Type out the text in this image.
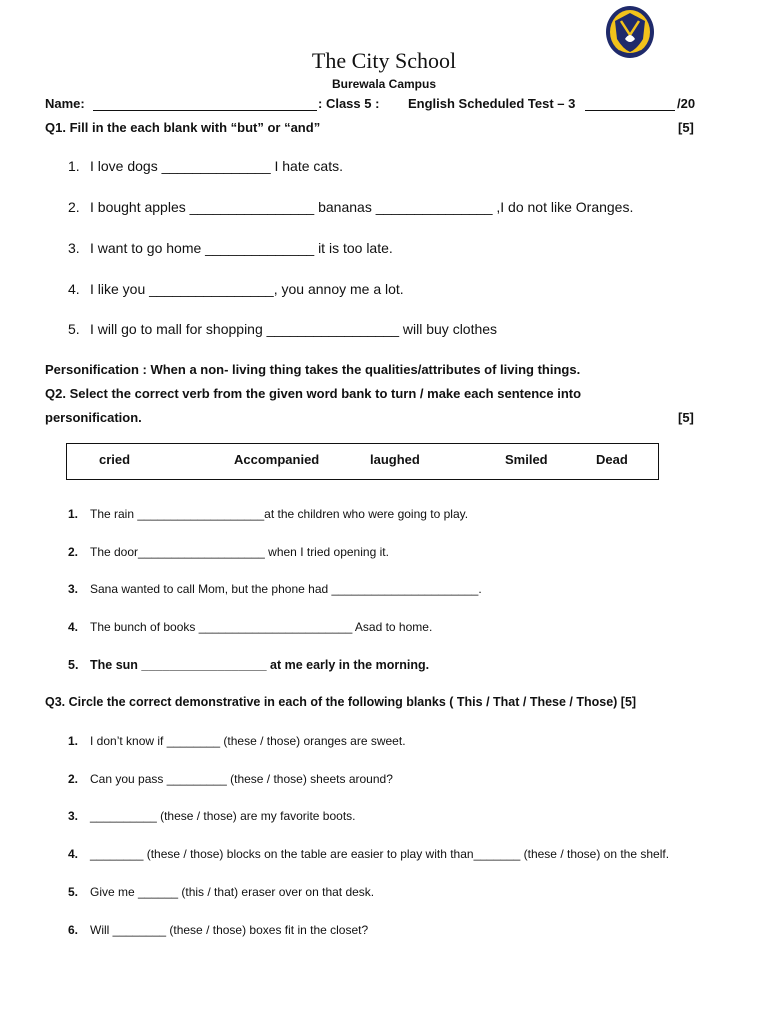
The City School
Burewala Campus
Name:	: Class 5 : English Scheduled Test – 3	/20
Q1. Fill in the each blank with “but” or “and”	[5]
1. I love dogs ______________ I hate cats.
2. I bought apples ________________ bananas _______________ ,I do not like Oranges.
3. I want to go home ______________ it is too late.
4. I like you ________________, you annoy me a lot.
5. I will go to mall for shopping _________________ will buy clothes
Personification : When a non- living thing takes the qualities/attributes of living things.
Q2. Select the correct verb from the given word bank to turn / make each sentence into
personification.	[5]
cried	Accompanied	laughed	Smiled	Dead
1. The rain ___________________at the children who were going to play.
2. The door___________________ when I tried opening it.
3. Sana wanted to call Mom, but the phone had ______________________.
4. The bunch of books _______________________ Asad to home.
5. The sun __________________ at me early in the morning.
Q3. Circle the correct demonstrative in each of the following blanks ( This / That / These / Those) [5]
1. I don’t know if ________ (these / those) oranges are sweet.
2. Can you pass _________ (these / those) sheets around?
3. __________ (these / those) are my favorite boots.
4. ________ (these / those) blocks on the table are easier to play with than_______ (these / those) on the shelf.
5. Give me ______ (this / that) eraser over on that desk.
6. Will ________ (these / those) boxes fit in the closet?
